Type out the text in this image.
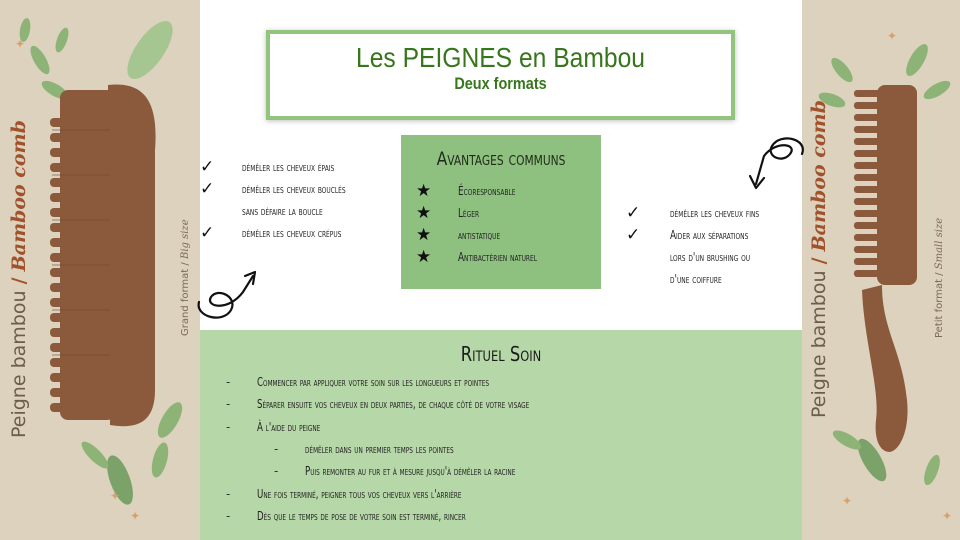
✦
✦
✦
Peigne bambou / Bamboo comb
Grand format / Big size
✦
✦
✦
Peigne bambou / Bamboo comb
Petit format / Small size
Les PEIGNES en Bambou
Deux formats
✓	démêler les cheveux épais
✓	démêler les cheveux bouclés
sans défaire la boucle
✓	démêler les cheveux crépus
Avantages communs
★	Écoresponsable
★	Léger
★	antistatique
★	Antibactérien naturel
✓	démêler les cheveux fins
✓	Aider aux séparations
lors d'un brushing ou
d'une coiffure
Rituel Soin
-	Commencer par appliquer votre soin sur les longueurs et pointes
-	Séparer ensuite vos cheveux en deux parties, de chaque côté de votre visage
-	À l'aide du peigne
-	démêler dans un premier temps les pointes
-	Puis remonter au fur et à mesure jusqu'à démêler la racine
-	Une fois terminé, peigner tous vos cheveux vers l'arrière
-	Dès que le temps de pose de votre soin est terminé, rincer
